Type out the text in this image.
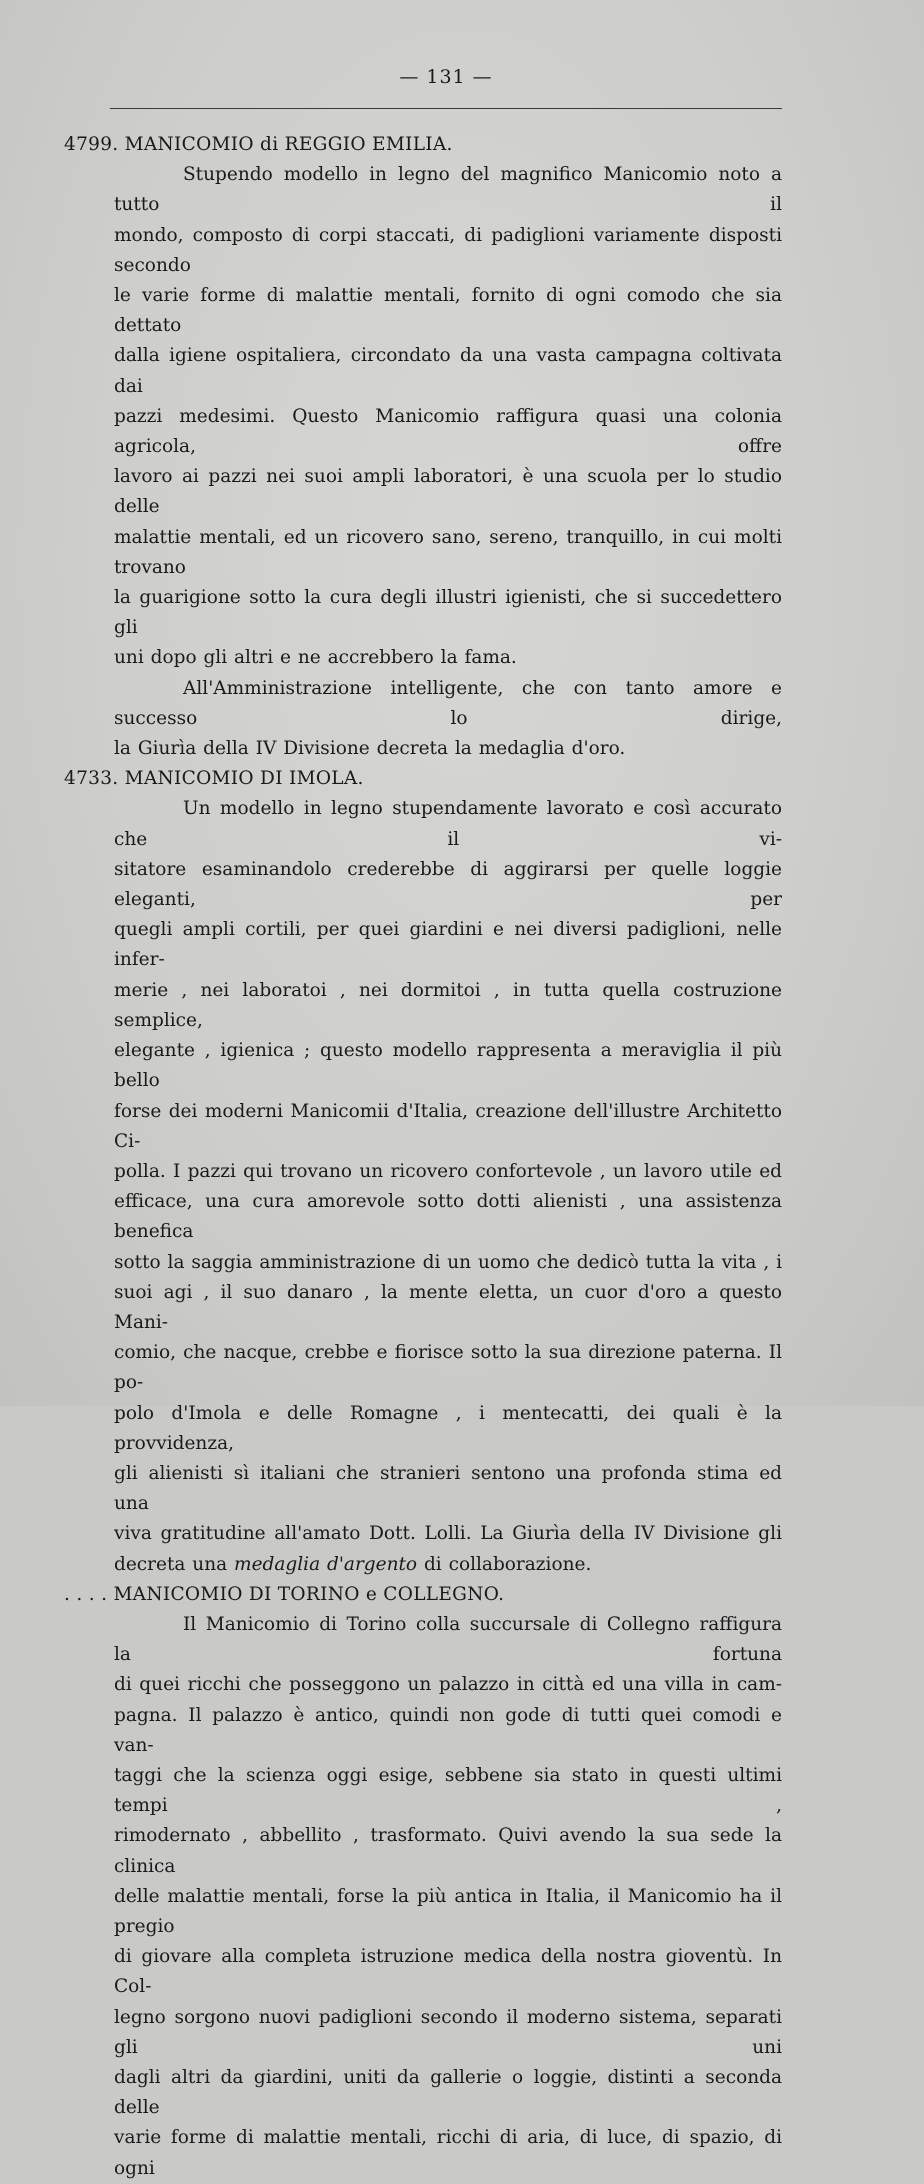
— 131 —
4799. MANICOMIO di REGGIO EMILIA.
Stupendo modello in legno del magnifico Manicomio noto a tutto il
mondo, composto di corpi staccati, di padiglioni variamente disposti secondo
le varie forme di malattie mentali, fornito di ogni comodo che sia dettato
dalla igiene ospitaliera, circondato da una vasta campagna coltivata dai
pazzi medesimi. Questo Manicomio raffigura quasi una colonia agricola, offre
lavoro ai pazzi nei suoi ampli laboratori, è una scuola per lo studio delle
malattie mentali, ed un ricovero sano, sereno, tranquillo, in cui molti trovano
la guarigione sotto la cura degli illustri igienisti, che si succedettero gli
uni dopo gli altri e ne accrebbero la fama.
All'Amministrazione intelligente, che con tanto amore e successo lo dirige,
la Giurìa della IV Divisione decreta la medaglia d'oro.
4733. MANICOMIO DI IMOLA.
Un modello in legno stupendamente lavorato e così accurato che il vi-
sitatore esaminandolo crederebbe di aggirarsi per quelle loggie eleganti, per
quegli ampli cortili, per quei giardini e nei diversi padiglioni, nelle infer-
merie , nei laboratoi , nei dormitoi , in tutta quella costruzione semplice,
elegante , igienica ; questo modello rappresenta a meraviglia il più bello
forse dei moderni Manicomii d'Italia, creazione dell'illustre Architetto Ci-
polla. I pazzi qui trovano un ricovero confortevole , un lavoro utile ed
efficace, una cura amorevole sotto dotti alienisti , una assistenza benefica
sotto la saggia amministrazione di un uomo che dedicò tutta la vita , i
suoi agi , il suo danaro , la mente eletta, un cuor d'oro a questo Mani-
comio, che nacque, crebbe e fiorisce sotto la sua direzione paterna. Il po-
polo d'Imola e delle Romagne , i mentecatti, dei quali è la provvidenza,
gli alienisti sì italiani che stranieri sentono una profonda stima ed una
viva gratitudine all'amato Dott. Lolli. La Giurìa della IV Divisione gli
decreta una medaglia d'argento di collaborazione.
. . . . MANICOMIO DI TORINO e COLLEGNO.
Il Manicomio di Torino colla succursale di Collegno raffigura la fortuna
di quei ricchi che posseggono un palazzo in città ed una villa in cam-
pagna. Il palazzo è antico, quindi non gode di tutti quei comodi e van-
taggi che la scienza oggi esige, sebbene sia stato in questi ultimi tempi ,
rimodernato , abbellito , trasformato. Quivi avendo la sua sede la clinica
delle malattie mentali, forse la più antica in Italia, il Manicomio ha il pregio
di giovare alla completa istruzione medica della nostra gioventù. In Col-
legno sorgono nuovi padiglioni secondo il moderno sistema, separati gli uni
dagli altri da giardini, uniti da gallerie o loggie, distinti a seconda delle
varie forme di malattie mentali, ricchi di aria, di luce, di spazio, di ogni
